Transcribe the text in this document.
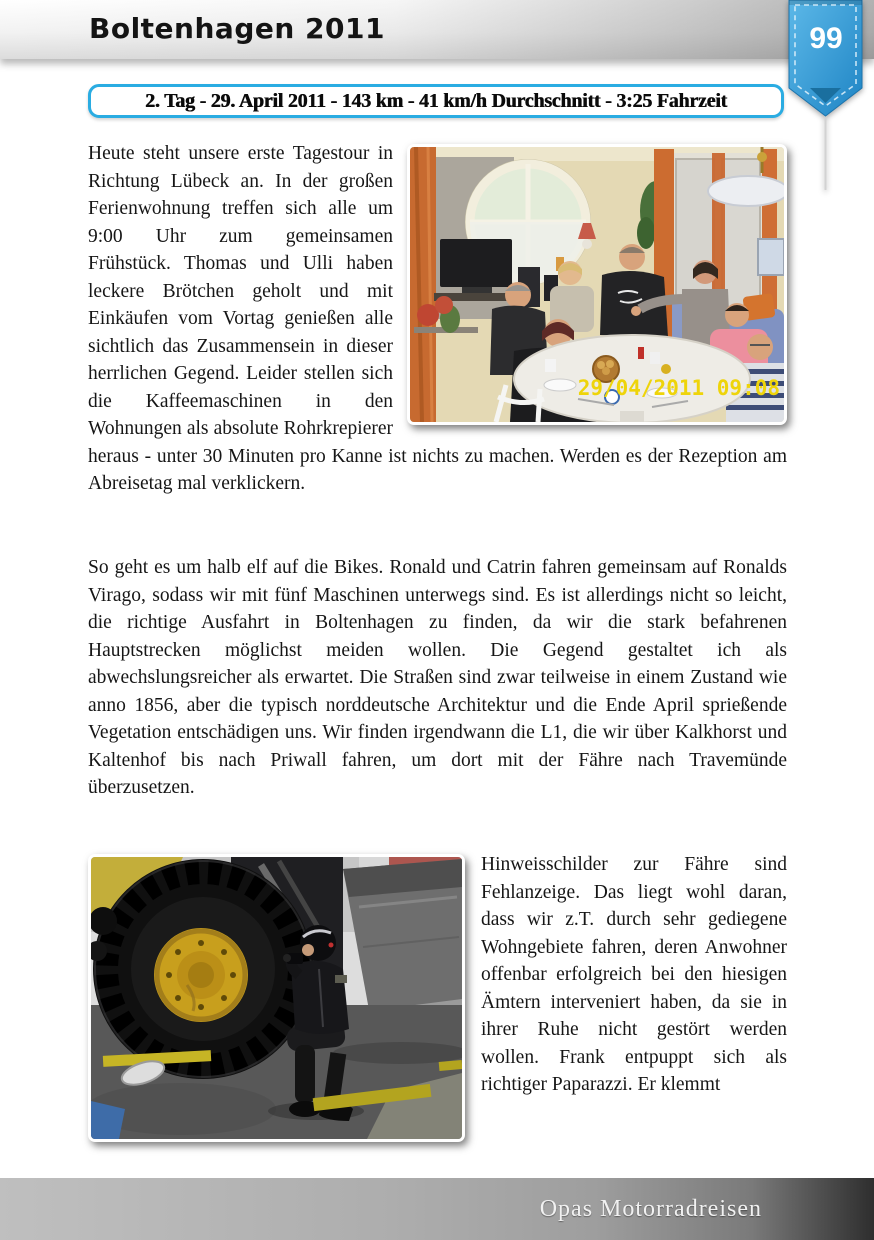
Boltenhagen 2011	99
2. Tag - 29. April 2011 - 143 km - 41 km/h Durchschnitt - 3:25 Fahrzeit
29/04/2011 09:08
Heute steht unsere erste Tagestour in Richtung Lübeck an. In der großen Ferienwohnung treffen sich alle um 9:00 Uhr zum gemeinsamen Frühstück. Thomas und Ulli haben leckere Brötchen geholt und mit Einkäufen vom Vortag genießen alle sichtlich das Zusammensein in dieser herrlichen Gegend. Leider stellen sich die Kaffeemaschinen in den Wohnungen als absolute Rohrkrepierer heraus - unter 30 Minuten pro Kanne ist nichts zu machen. Werden es der Rezeption am Abreisetag mal verklickern.

So geht es um halb elf auf die Bikes. Ronald und Catrin fahren gemeinsam auf Ronalds Virago, sodass wir mit fünf Maschinen unterwegs sind. Es ist allerdings nicht so leicht, die richtige Ausfahrt in Boltenhagen zu finden, da wir die stark befahrenen Hauptstrecken möglichst meiden wollen. Die Gegend gestaltet ich als abwechslungsreicher als erwartet. Die Straßen sind zwar teilweise in einem Zustand wie anno 1856, aber die typisch norddeutsche Architektur und die Ende April sprießende Vegetation entschädigen uns. Wir finden irgendwann die L1, die wir über Kalkhorst und Kaltenhof bis nach Priwall fahren, um dort mit der Fähre nach Travemünde überzusetzen.

Hinweisschilder zur Fähre sind Fehlanzeige. Das liegt wohl daran, dass wir z.T. durch sehr gediegene Wohngebiete fahren, deren Anwohner offenbar erfolgreich bei den hiesigen Ämtern interveniert haben, da sie in ihrer Ruhe nicht gestört werden wollen. Frank entpuppt sich als richtiger Paparazzi. Er klemmt
Opas Motorradreisen
